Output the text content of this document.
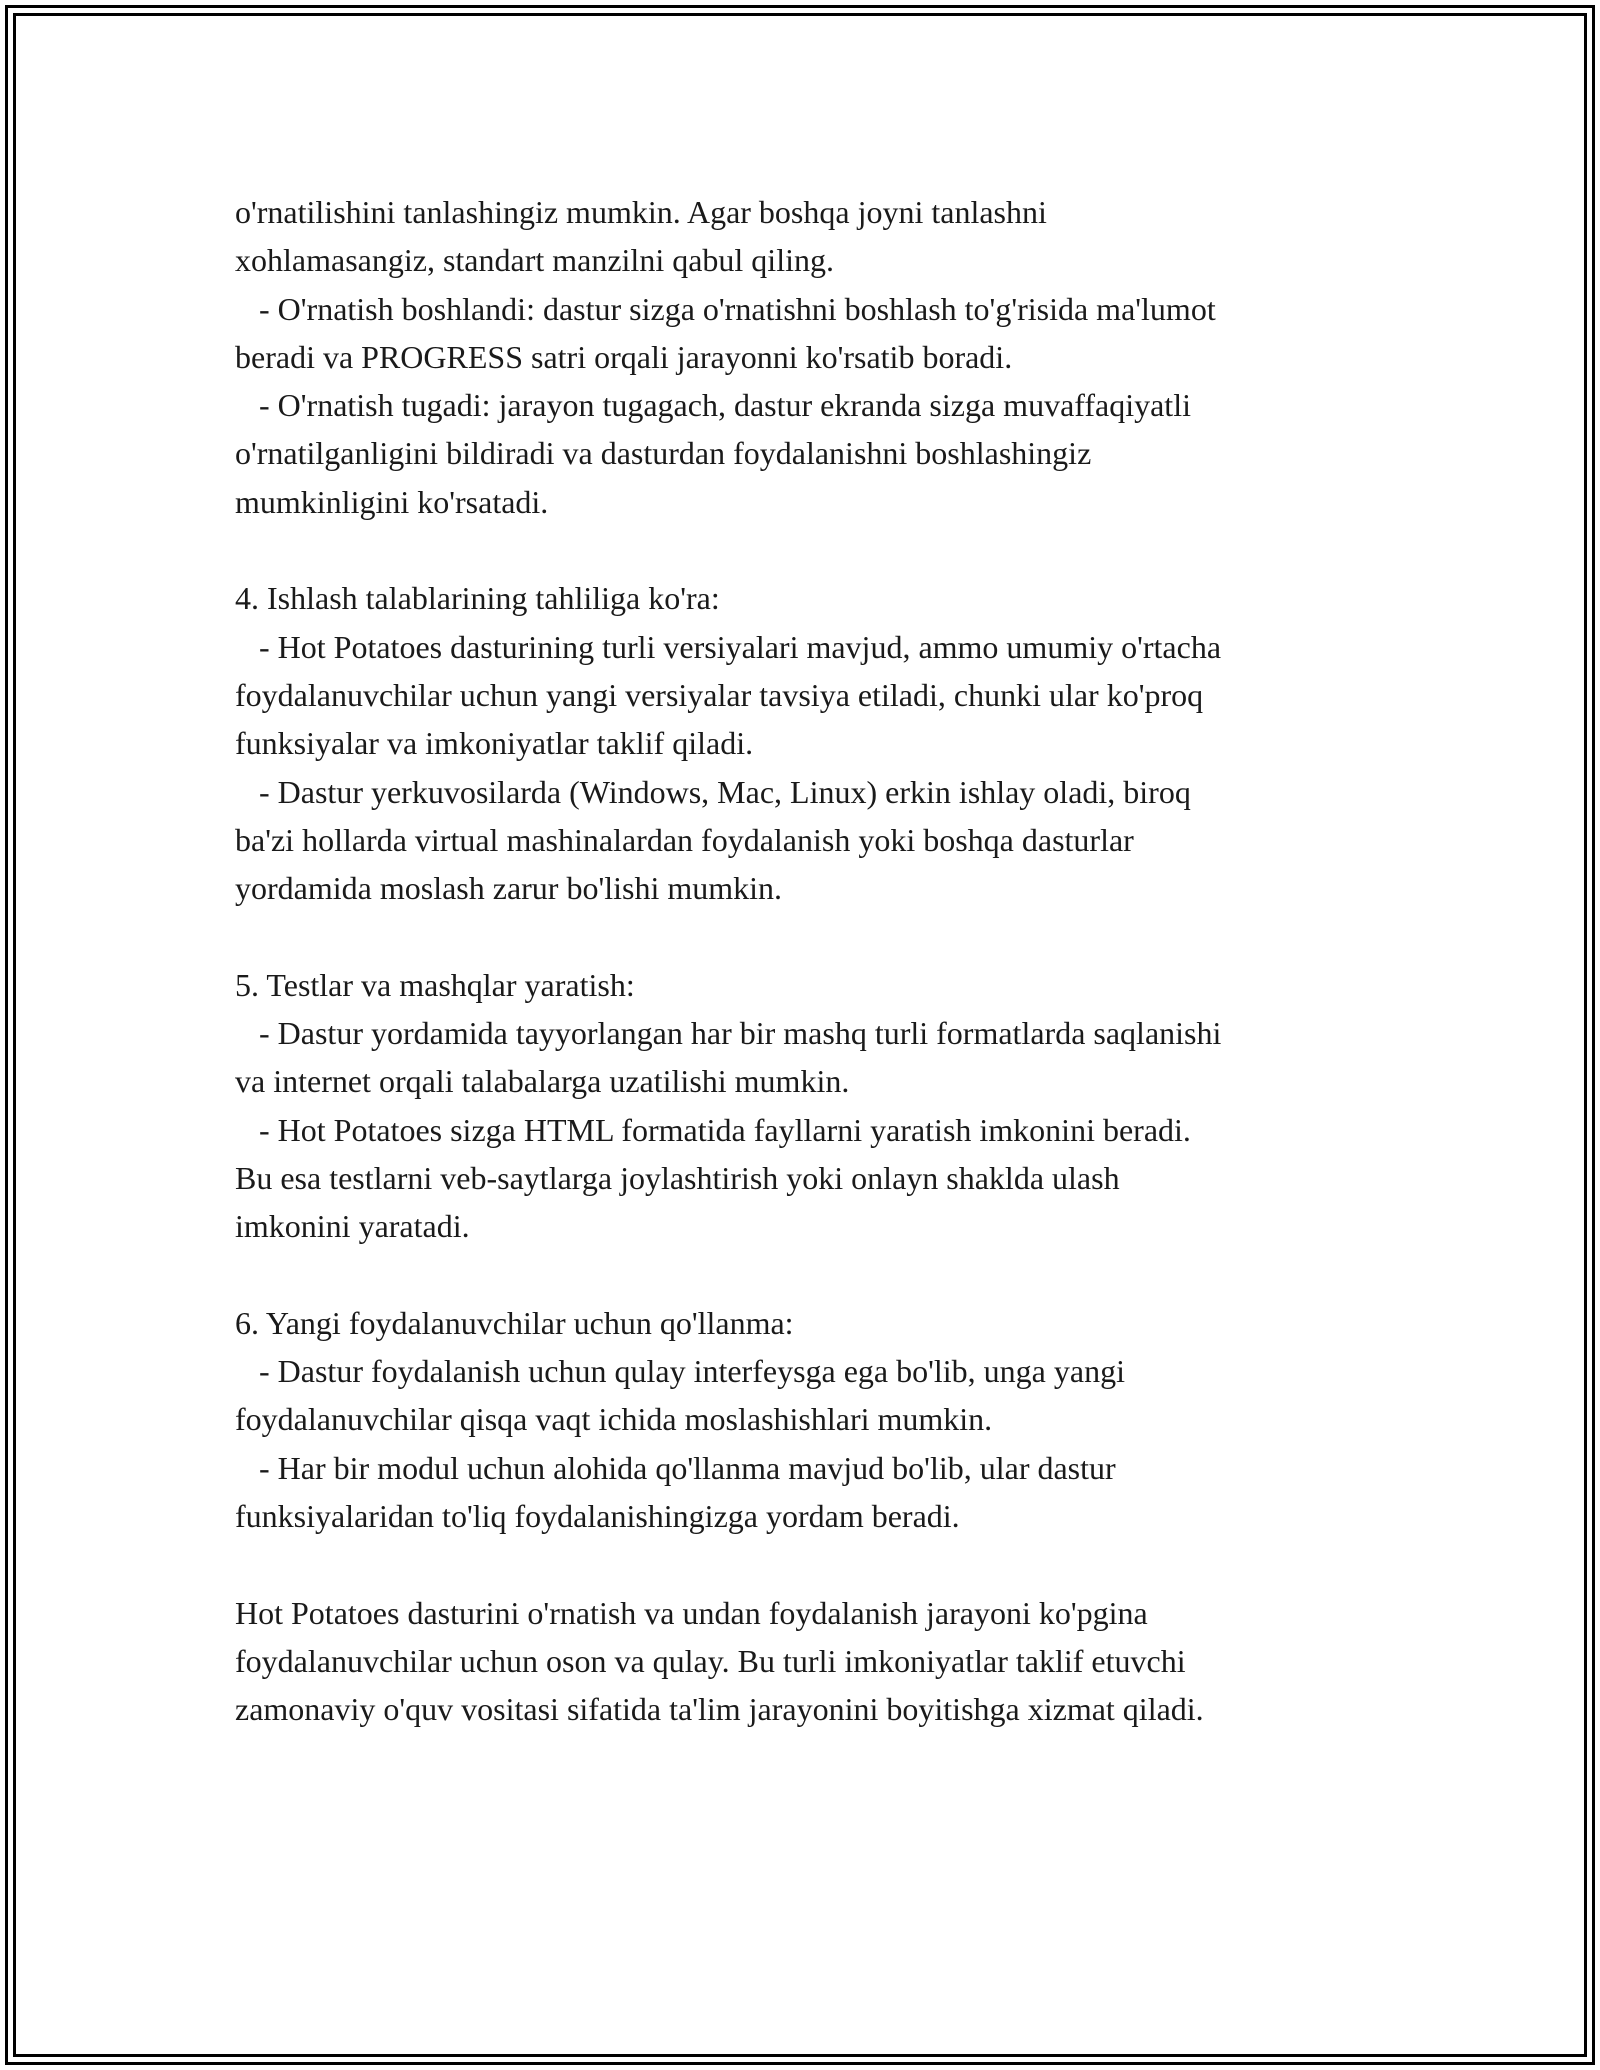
o'rnatilishini tanlashingiz mumkin. Agar boshqa joyni tanlashni
xohlamasangiz, standart manzilni qabul qiling.
- O'rnatish boshlandi: dastur sizga o'rnatishni boshlash to'g'risida ma'lumot
beradi va PROGRESS satri orqali jarayonni ko'rsatib boradi.
- O'rnatish tugadi: jarayon tugagach, dastur ekranda sizga muvaffaqiyatli
o'rnatilganligini bildiradi va dasturdan foydalanishni boshlashingiz
mumkinligini ko'rsatadi.
4. Ishlash talablarining tahliliga ko'ra:
- Hot Potatoes dasturining turli versiyalari mavjud, ammo umumiy o'rtacha
foydalanuvchilar uchun yangi versiyalar tavsiya etiladi, chunki ular ko'proq
funksiyalar va imkoniyatlar taklif qiladi.
- Dastur yerkuvosilarda (Windows, Mac, Linux) erkin ishlay oladi, biroq
ba'zi hollarda virtual mashinalardan foydalanish yoki boshqa dasturlar
yordamida moslash zarur bo'lishi mumkin.
5. Testlar va mashqlar yaratish:
- Dastur yordamida tayyorlangan har bir mashq turli formatlarda saqlanishi
va internet orqali talabalarga uzatilishi mumkin.
- Hot Potatoes sizga HTML formatida fayllarni yaratish imkonini beradi.
Bu esa testlarni veb-saytlarga joylashtirish yoki onlayn shaklda ulash
imkonini yaratadi.
6. Yangi foydalanuvchilar uchun qo'llanma:
- Dastur foydalanish uchun qulay interfeysga ega bo'lib, unga yangi
foydalanuvchilar qisqa vaqt ichida moslashishlari mumkin.
- Har bir modul uchun alohida qo'llanma mavjud bo'lib, ular dastur
funksiyalaridan to'liq foydalanishingizga yordam beradi.
Hot Potatoes dasturini o'rnatish va undan foydalanish jarayoni ko'pgina
foydalanuvchilar uchun oson va qulay. Bu turli imkoniyatlar taklif etuvchi
zamonaviy o'quv vositasi sifatida ta'lim jarayonini boyitishga xizmat qiladi.
